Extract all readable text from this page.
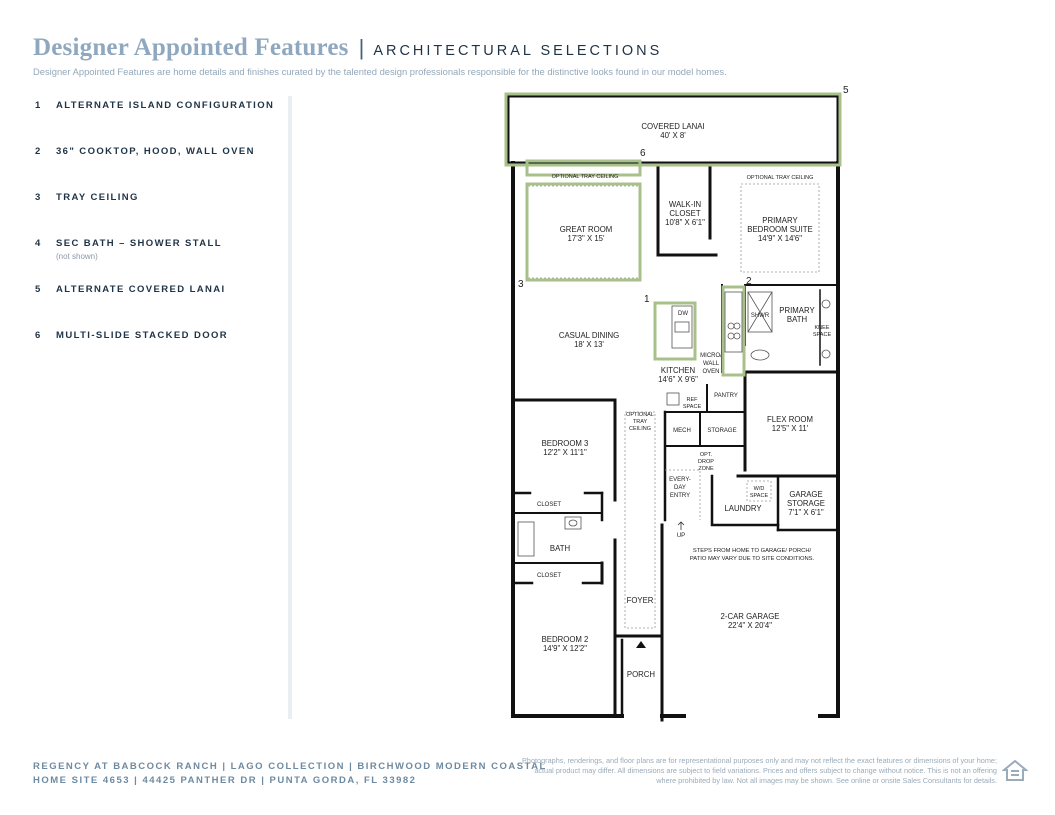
Designer Appointed Features | ARCHITECTURAL SELECTIONS
Designer Appointed Features are home details and finishes curated by the talented design professionals responsible for the distinctive looks found in our model homes.
1 ALTERNATE ISLAND CONFIGURATION
2 36" COOKTOP, HOOD, WALL OVEN
3 TRAY CEILING
4 SEC BATH – SHOWER STALL
(not shown)
5 ALTERNATE COVERED LANAI
6 MULTI-SLIDE STACKED DOOR
5
6
3
1
2
COVERED LANAI
40' X 8'
OPTIONAL TRAY CEILING	OPTIONAL TRAY CEILING
GREAT ROOM
17'3" X 15'
WALK-IN
CLOSET
10'8" X 6'1"	PRIMARY
BEDROOM SUITE
14'9" X 14'6"
CASUAL DINING
18' X 13'
DW	SHWR
PRIMARY
BATH
KNEE
SPACE
MICRO/
WALL
OVEN
KITCHEN
14'6" X 9'6"
REF
SPACE
PANTRY
OPTIONAL
TRAY
CEILING	MECH	STORAGE
FLEX ROOM
12'5" X 11'
BEDROOM 3
12'2" X 11'1"	OPT.
DROP
ZONE
EVERY-
DAY
ENTRY
W/D
SPACE
LAUNDRY
GARAGE
STORAGE
7'1" X 6'1"
CLOSET
BATH
UP
STEPS FROM HOME TO GARAGE/ PORCH/
PATIO MAY VARY DUE TO SITE CONDITIONS.
CLOSET
FOYER
2-CAR GARAGE
22'4" X 20'4"
BEDROOM 2
14'9" X 12'2"
PORCH
REGENCY AT BABCOCK RANCH | LAGO COLLECTION | BIRCHWOOD MODERN COASTAL
HOME SITE 4653 | 44425 PANTHER DR | PUNTA GORDA, FL 33982
Photographs, renderings, and floor plans are for representational purposes only and may not reflect the exact features or dimensions of your home; actual product may differ. All dimensions are subject to field variations. Prices and offers subject to change without notice. This is not an offering where prohibited by law. Not all images may be shown. See online or onsite Sales Consultants for details.
